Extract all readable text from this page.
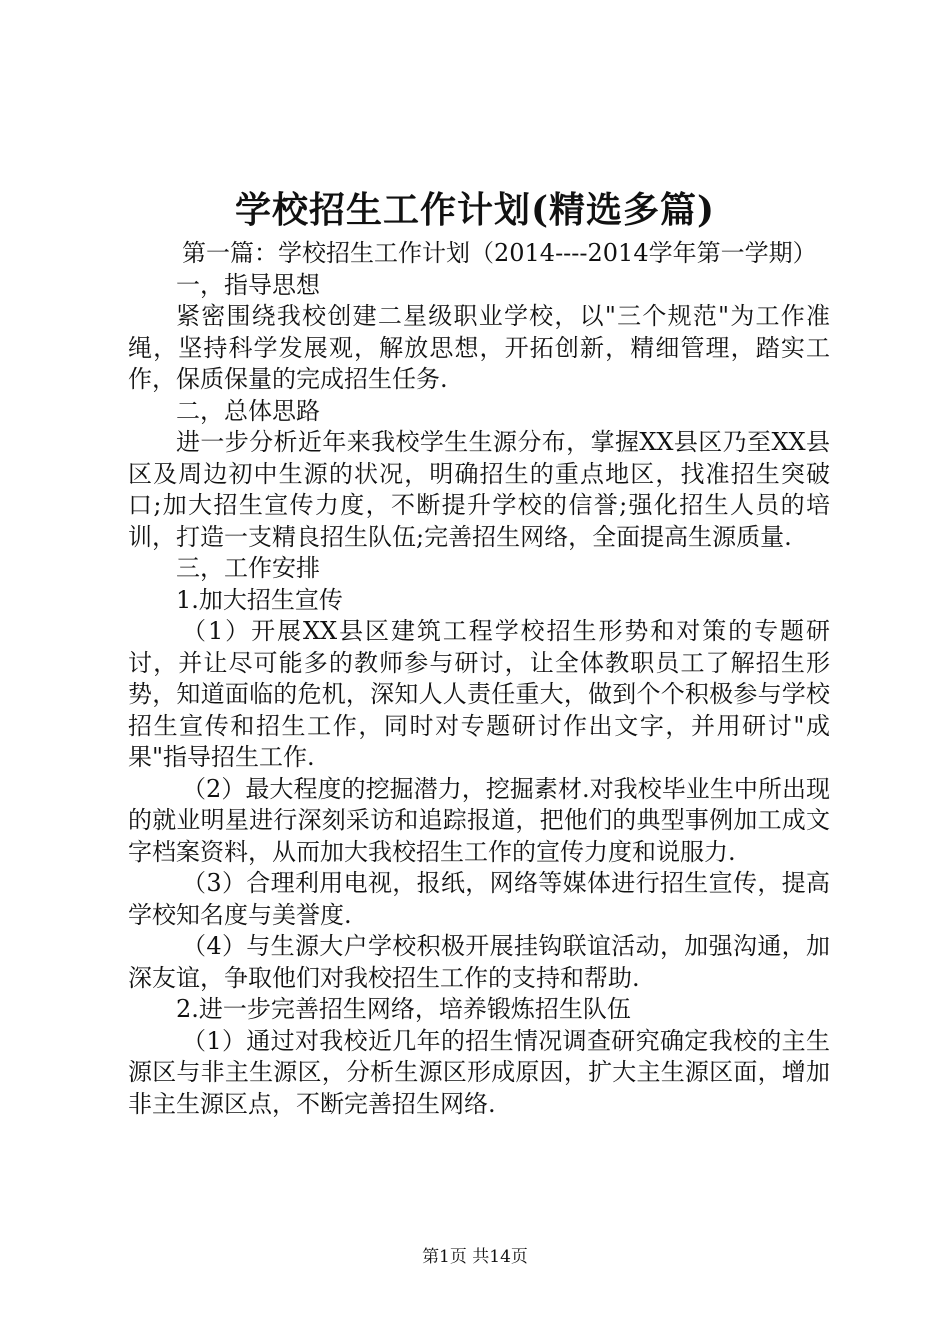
学校招生工作计划(精选多篇)

第一篇：学校招生工作计划（2014----2014学年第一学期）

一，指导思想

紧密围绕我校创建二星级职业学校，以"三个规范"为工作准绳，坚持科学发展观，解放思想，开拓创新，精细管理，踏实工作，保质保量的完成招生任务.

二，总体思路

进一步分析近年来我校学生生源分布，掌握XX县区乃至XX县区及周边初中生源的状况，明确招生的重点地区，找准招生突破口;加大招生宣传力度，不断提升学校的信誉;强化招生人员的培训，打造一支精良招生队伍;完善招生网络，全面提高生源质量.

三，工作安排

1.加大招生宣传

（1）开展XX县区建筑工程学校招生形势和对策的专题研讨，并让尽可能多的教师参与研讨，让全体教职员工了解招生形势，知道面临的危机，深知人人责任重大，做到个个积极参与学校招生宣传和招生工作，同时对专题研讨作出文字，并用研讨"成果"指导招生工作.

（2）最大程度的挖掘潜力，挖掘素材.对我校毕业生中所出现的就业明星进行深刻采访和追踪报道，把他们的典型事例加工成文字档案资料，从而加大我校招生工作的宣传力度和说服力.

（3）合理利用电视，报纸，网络等媒体进行招生宣传，提高学校知名度与美誉度.

（4）与生源大户学校积极开展挂钩联谊活动，加强沟通，加深友谊，争取他们对我校招生工作的支持和帮助.

2.进一步完善招生网络，培养锻炼招生队伍

（1）通过对我校近几年的招生情况调查研究确定我校的主生源区与非主生源区，分析生源区形成原因，扩大主生源区面，增加非主生源区点，不断完善招生网络.

第1页 共14页
